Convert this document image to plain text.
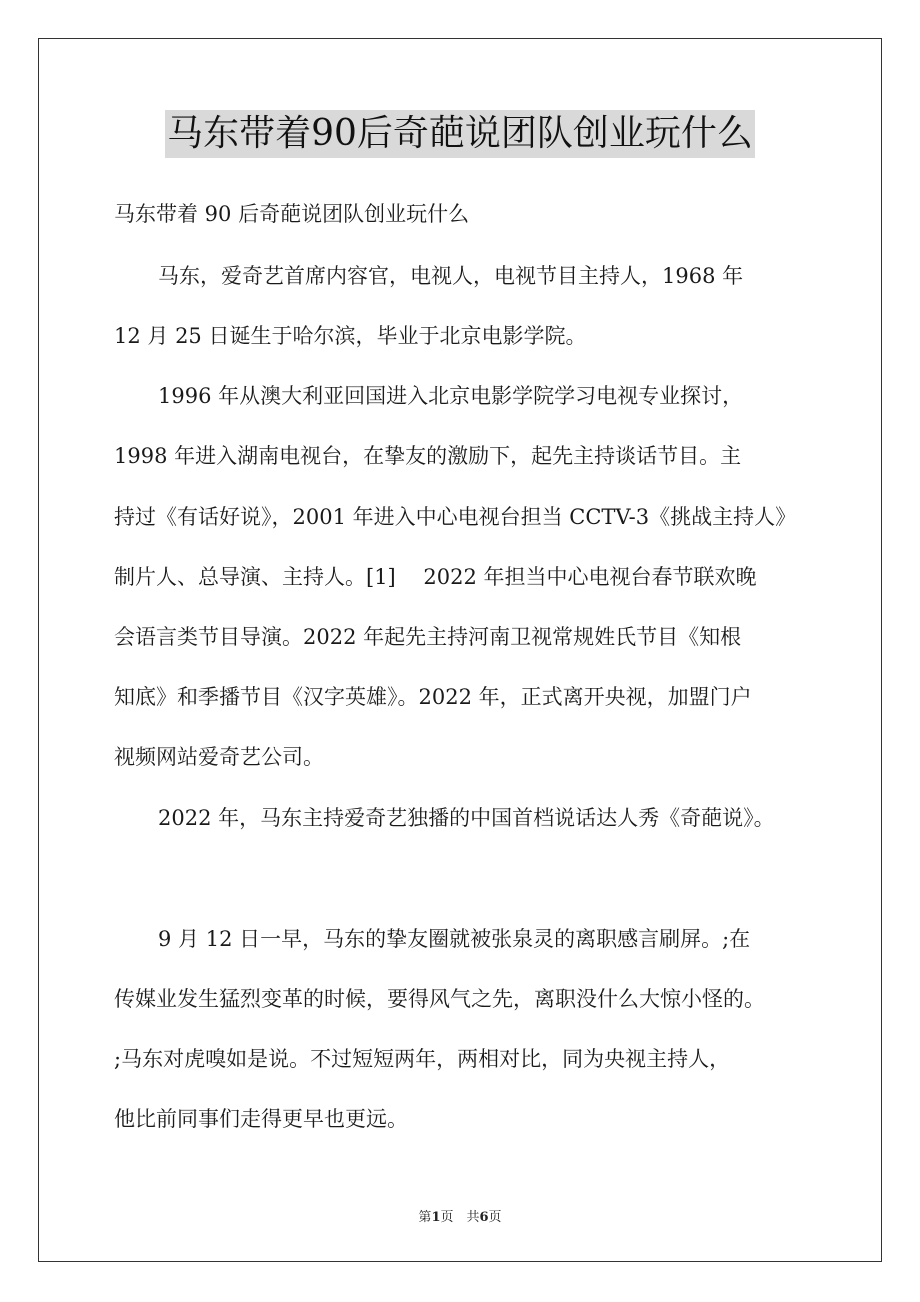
马东带着90后奇葩说团队创业玩什么
马东带着 90 后奇葩说团队创业玩什么
马东，爱奇艺首席内容官，电视人，电视节目主持人，1968 年
12 月 25 日诞生于哈尔滨，毕业于北京电影学院。
1996 年从澳大利亚回国进入北京电影学院学习电视专业探讨，
1998 年进入湖南电视台，在挚友的激励下，起先主持谈话节目。主
持过《有话好说》，2001 年进入中心电视台担当 CCTV-3《挑战主持人》
制片人、总导演、主持人。[1]　 2022 年担当中心电视台春节联欢晚
会语言类节目导演。2022 年起先主持河南卫视常规姓氏节目《知根
知底》和季播节目《汉字英雄》。2022 年，正式离开央视，加盟门户
视频网站爱奇艺公司。
2022 年，马东主持爱奇艺独播的中国首档说话达人秀《奇葩说》。
9 月 12 日一早，马东的挚友圈就被张泉灵的离职感言刷屏。;在
传媒业发生猛烈变革的时候，要得风气之先，离职没什么大惊小怪的。
;马东对虎嗅如是说。不过短短两年，两相对比，同为央视主持人，
他比前同事们走得更早也更远。
第1页　共6页
